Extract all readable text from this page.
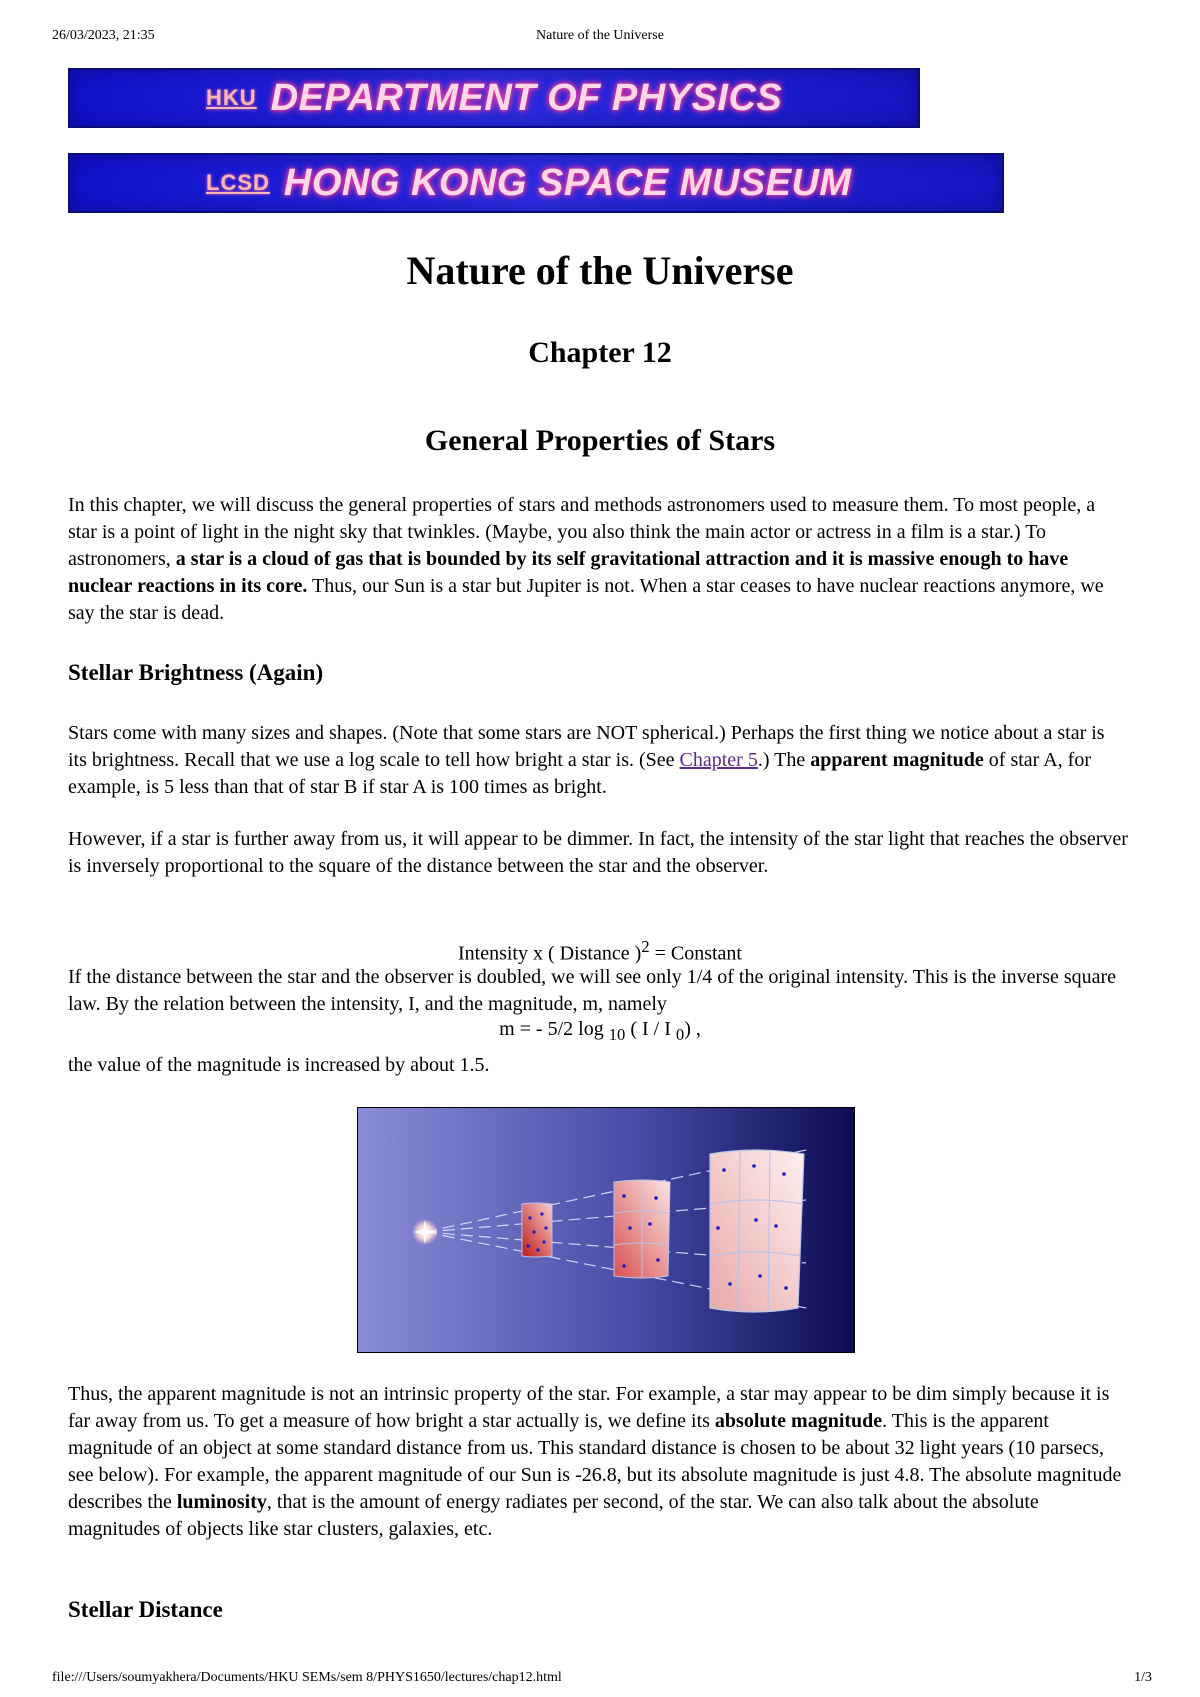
26/03/2023, 21:35	Nature of the Universe
HKU DEPARTMENT OF PHYSICS
LCSD HONG KONG SPACE MUSEUM
Nature of the Universe
Chapter 12
General Properties of Stars

In this chapter, we will discuss the general properties of stars and methods astronomers used to measure them. To most people, a star is a point of light in the night sky that twinkles. (Maybe, you also think the main actor or actress in a film is a star.) To astronomers, a star is a cloud of gas that is bounded by its self gravitational attraction and it is massive enough to have nuclear reactions in its core. Thus, our Sun is a star but Jupiter is not. When a star ceases to have nuclear reactions anymore, we say the star is dead.

Stellar Brightness (Again)

Stars come with many sizes and shapes. (Note that some stars are NOT spherical.) Perhaps the first thing we notice about a star is its brightness. Recall that we use a log scale to tell how bright a star is. (See Chapter 5.) The apparent magnitude of star A, for example, is 5 less than that of star B if star A is 100 times as bright.

However, if a star is further away from us, it will appear to be dimmer. In fact, the intensity of the star light that reaches the observer is inversely proportional to the square of the distance between the star and the observer.

Intensity x ( Distance )$^2$ = Constant

If the distance between the star and the observer is doubled, we will see only 1/4 of the original intensity. This is the inverse square law. By the relation between the intensity, I, and the magnitude, m, namely

m = - 5/2 log $_{10}$ ( I / I $_0$) ,

the value of the magnitude is increased by about 1.5.

Thus, the apparent magnitude is not an intrinsic property of the star. For example, a star may appear to be dim simply because it is far away from us. To get a measure of how bright a star actually is, we define its absolute magnitude. This is the apparent magnitude of an object at some standard distance from us. This standard distance is chosen to be about 32 light years (10 parsecs, see below). For example, the apparent magnitude of our Sun is -26.8, but its absolute magnitude is just 4.8. The absolute magnitude describes the luminosity, that is the amount of energy radiates per second, of the star. We can also talk about the absolute magnitudes of objects like star clusters, galaxies, etc.

Stellar Distance
file:///Users/soumyakhera/Documents/HKU SEMs/sem 8/PHYS1650/lectures/chap12.html	1/3
